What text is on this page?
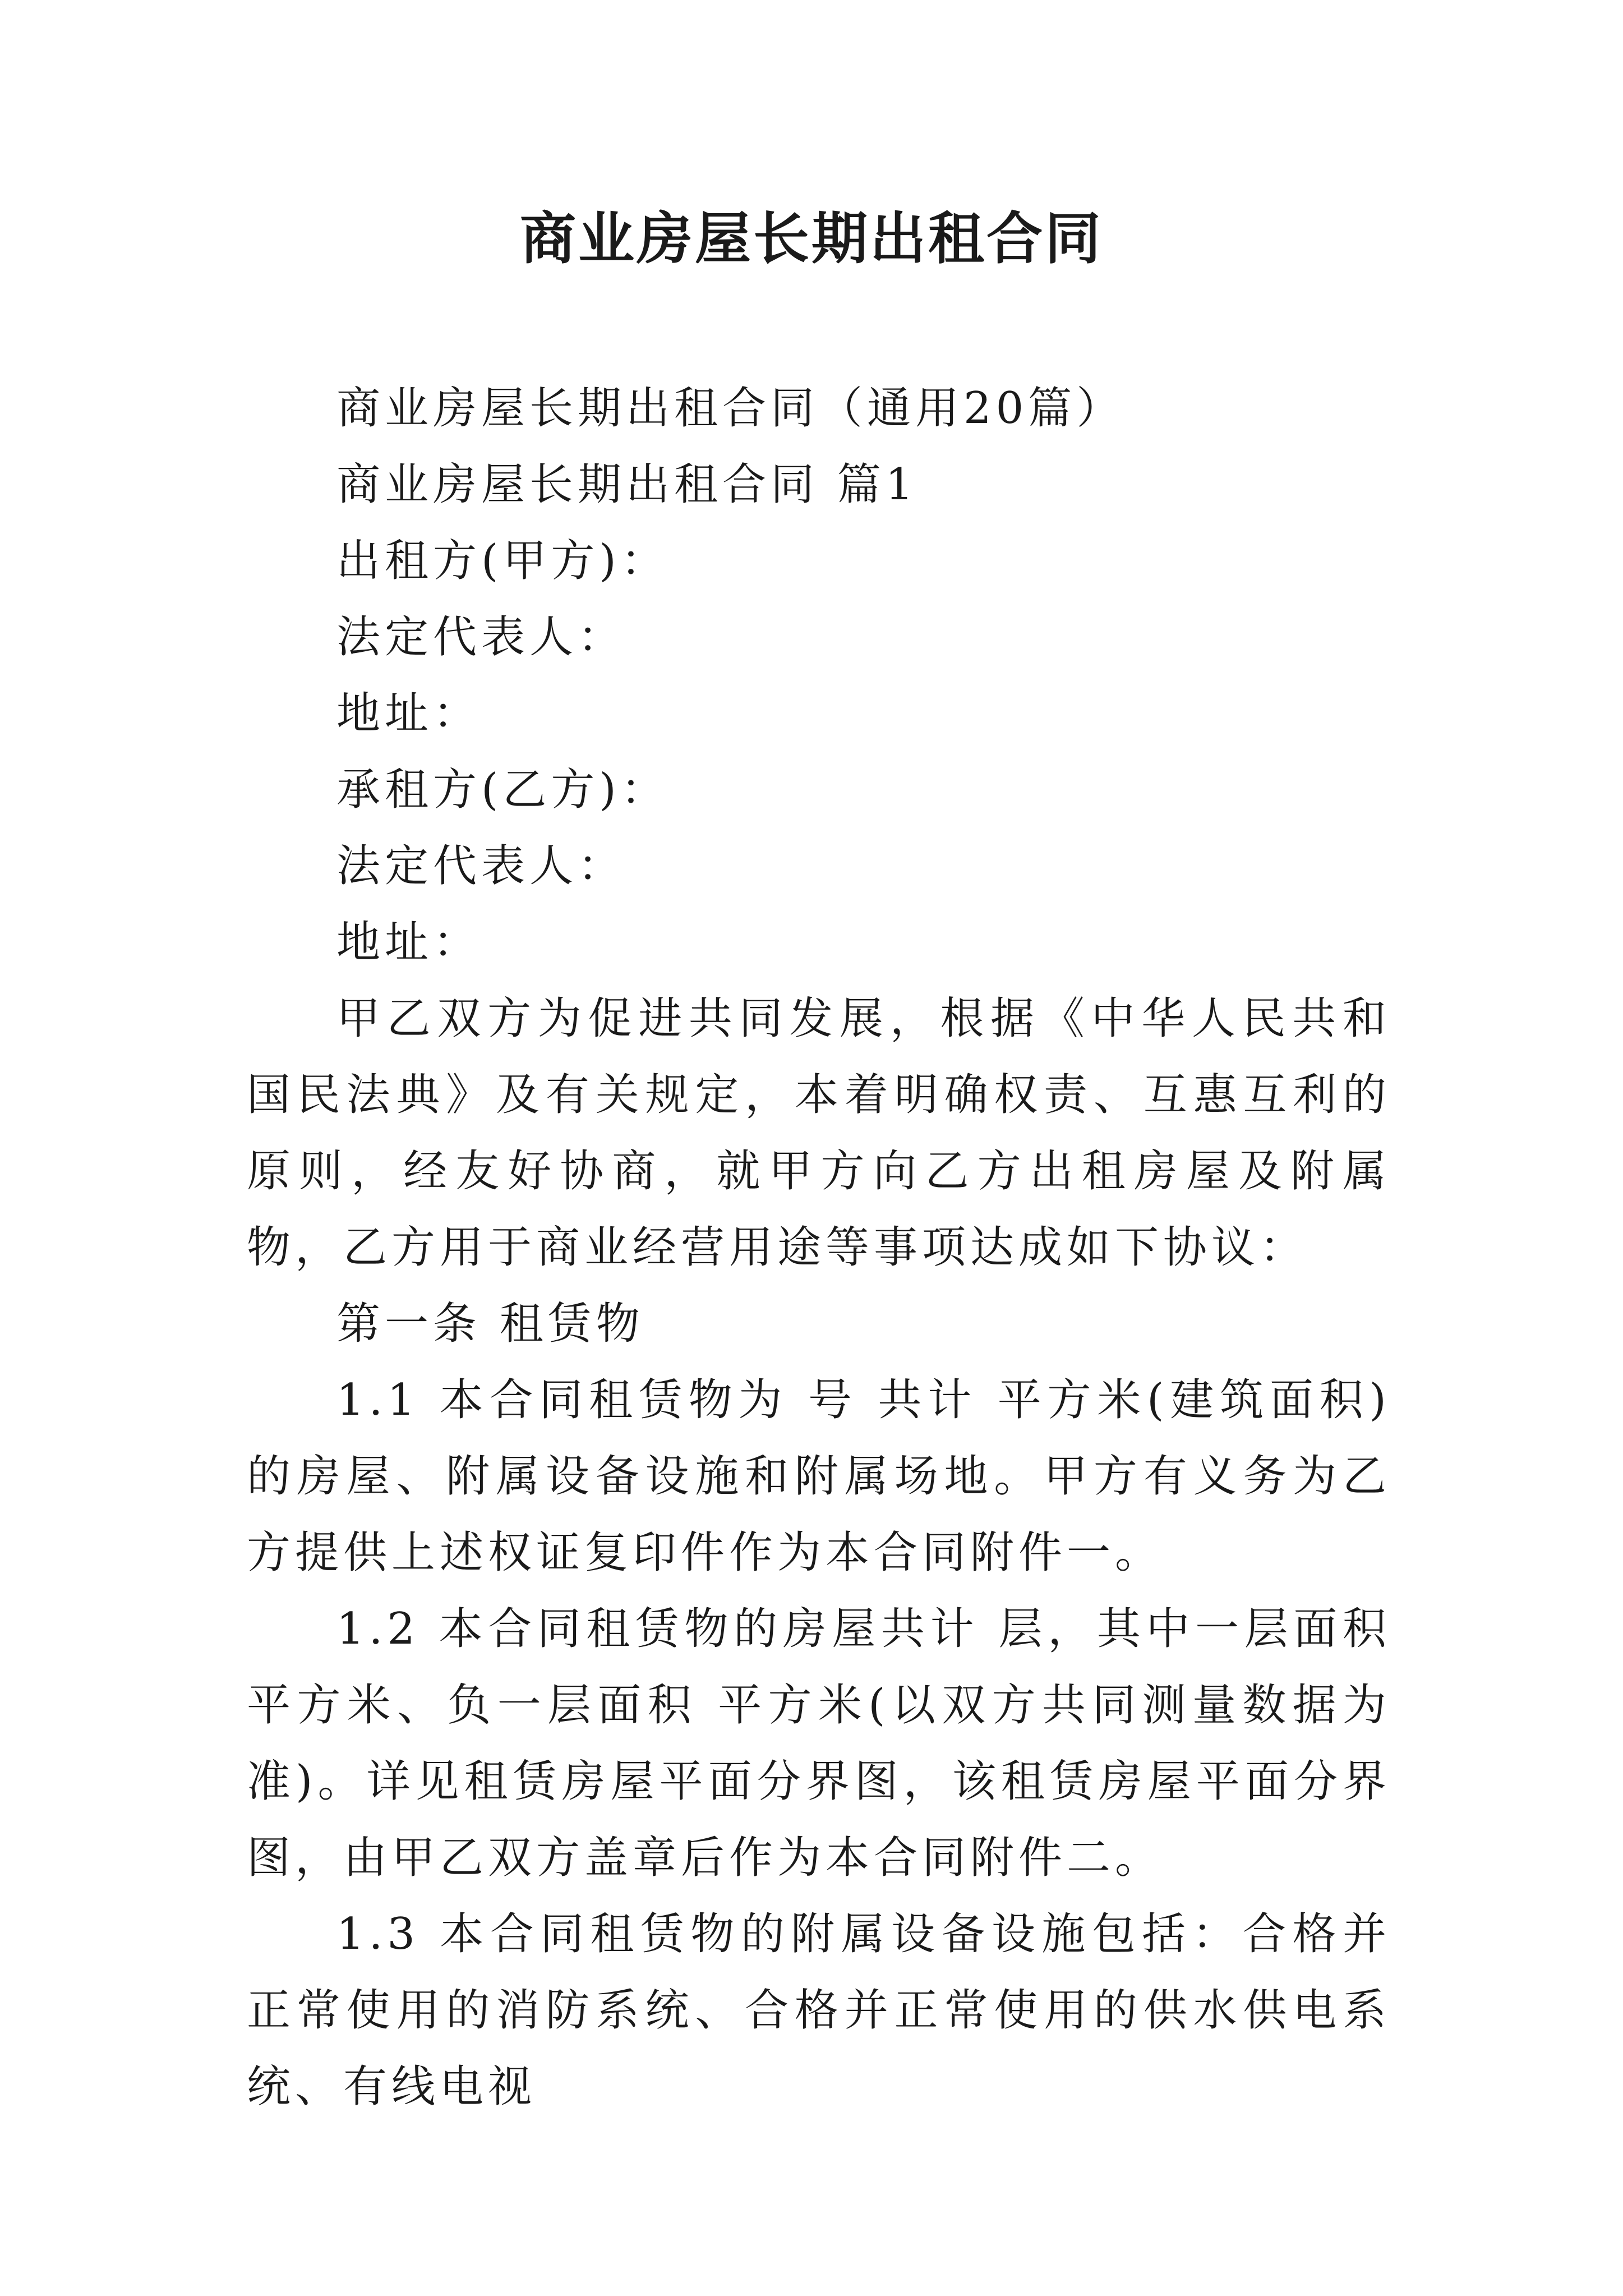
商业房屋长期出租合同

商业房屋长期出租合同（通用20篇）

商业房屋长期出租合同 篇1

出租方(甲方)：

法定代表人：

地址：

承租方(乙方)：

法定代表人：

地址：

甲乙双方为促进共同发展，根据《中华人民共和国民法典》及有关规定，本着明确权责、互惠互利的原则，经友好协商，就甲方向乙方出租房屋及附属物，乙方用于商业经营用途等事项达成如下协议：

第一条 租赁物

1.1 本合同租赁物为 号 共计 平方米(建筑面积)的房屋、附属设备设施和附属场地。甲方有义务为乙方提供上述权证复印件作为本合同附件一。

1.2 本合同租赁物的房屋共计 层，其中一层面积 平方米、负一层面积 平方米(以双方共同测量数据为准)。详见租赁房屋平面分界图，该租赁房屋平面分界图，由甲乙双方盖章后作为本合同附件二。

1.3 本合同租赁物的附属设备设施包括：合格并正常使用的消防系统、合格并正常使用的供水供电系统、有线电视
